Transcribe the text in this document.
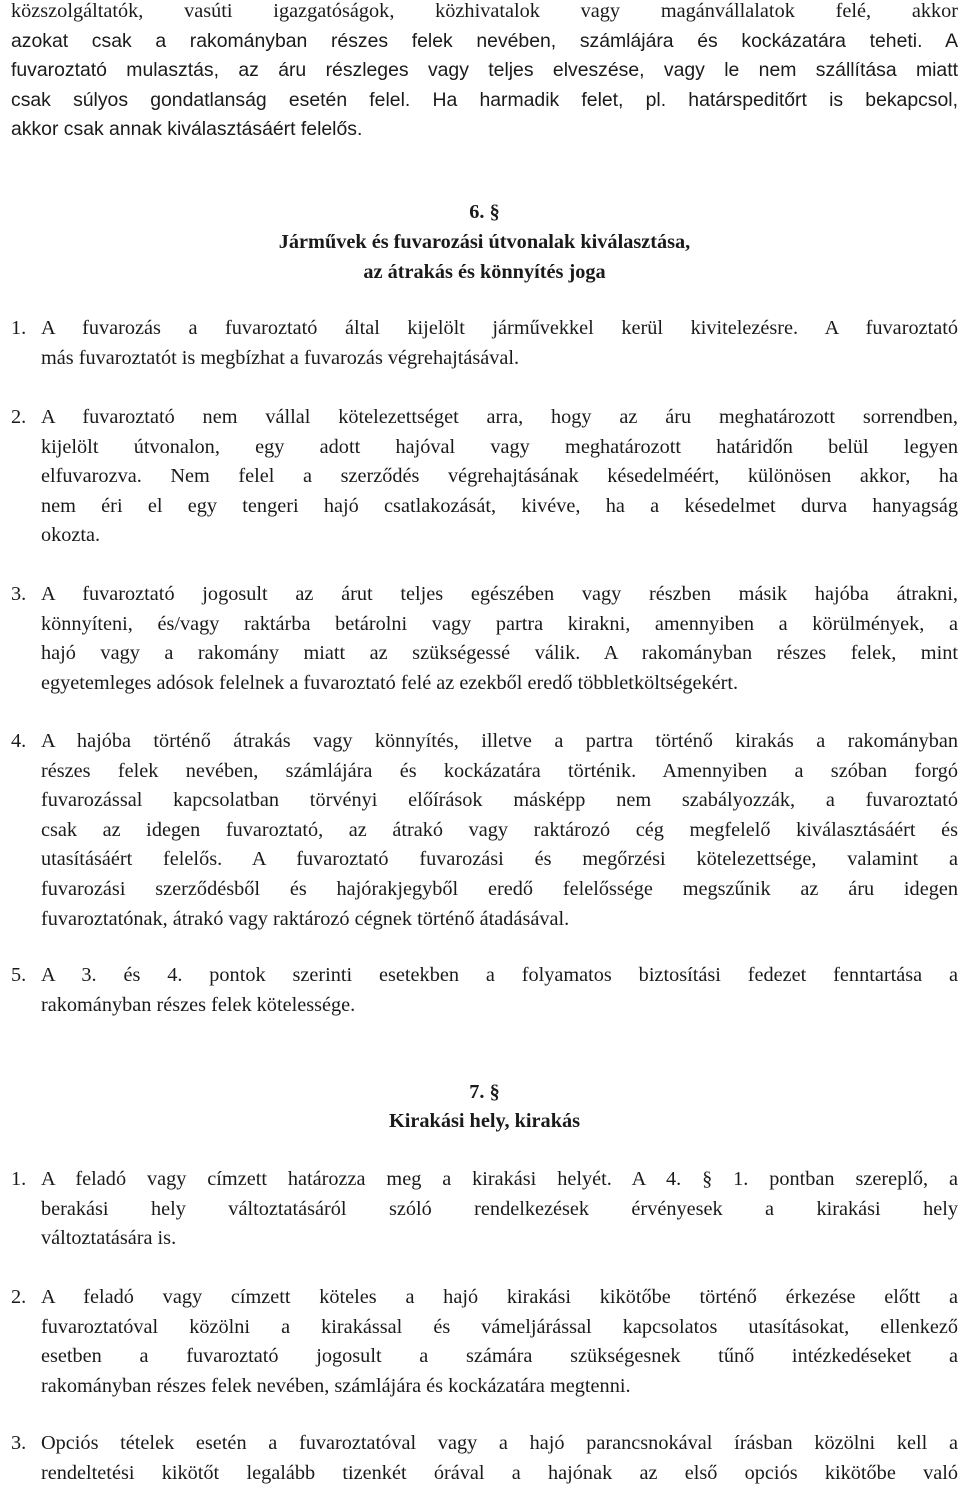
közszolgáltatók, vasúti igazgatóságok, közhivatalok vagy magánvállalatok felé, akkor
azokat csak a rakományban részes felek nevében, számlájára és kockázatára teheti. A
fuvaroztató mulasztás, az áru részleges vagy teljes elveszése, vagy le nem szállítása miatt
csak súlyos gondatlanság esetén felel. Ha harmadik felet, pl. határspeditőrt is bekapcsol,
akkor csak annak kiválasztásáért felelős.
6. §
Járművek és fuvarozási útvonalak kiválasztása,
az átrakás és könnyítés joga
1. A fuvarozás a fuvaroztató által kijelölt járművekkel kerül kivitelezésre. A fuvaroztató
más fuvaroztatót is megbízhat a fuvarozás végrehajtásával.
2. A fuvaroztató nem vállal kötelezettséget arra, hogy az áru meghatározott sorrendben,
kijelölt útvonalon, egy adott hajóval vagy meghatározott határidőn belül legyen
elfuvarozva. Nem felel a szerződés végrehajtásának késedelméért, különösen akkor, ha
nem éri el egy tengeri hajó csatlakozását, kivéve, ha a késedelmet durva hanyagság
okozta.
3. A fuvaroztató jogosult az árut teljes egészében vagy részben másik hajóba átrakni,
könnyíteni, és/vagy raktárba betárolni vagy partra kirakni, amennyiben a körülmények, a
hajó vagy a rakomány miatt az szükségessé válik. A rakományban részes felek, mint
egyetemleges adósok felelnek a fuvaroztató felé az ezekből eredő többletköltségekért.
4. A hajóba történő átrakás vagy könnyítés, illetve a partra történő kirakás a rakományban
részes felek nevében, számlájára és kockázatára történik. Amennyiben a szóban forgó
fuvarozással kapcsolatban törvényi előírások másképp nem szabályozzák, a fuvaroztató
csak az idegen fuvaroztató, az átrakó vagy raktározó cég megfelelő kiválasztásáért és
utasításáért felelős. A fuvaroztató fuvarozási és megőrzési kötelezettsége, valamint a
fuvarozási szerződésből és hajórakjegyből eredő felelőssége megszűnik az áru idegen
fuvaroztatónak, átrakó vagy raktározó cégnek történő átadásával.
5. A 3. és 4. pontok szerinti esetekben a folyamatos biztosítási fedezet fenntartása a
rakományban részes felek kötelessége.
7. §
Kirakási hely, kirakás
1. A feladó vagy címzett határozza meg a kirakási helyét. A 4. § 1. pontban szereplő, a
berakási hely változtatásáról szóló rendelkezések érvényesek a kirakási hely
változtatására is.
2. A feladó vagy címzett köteles a hajó kirakási kikötőbe történő érkezése előtt a
fuvaroztatóval közölni a kirakással és vámeljárással kapcsolatos utasításokat, ellenkező
esetben a fuvaroztató jogosult a számára szükségesnek tűnő intézkedéseket a
rakományban részes felek nevében, számlájára és kockázatára megtenni.
3. Opciós tételek esetén a fuvaroztatóval vagy a hajó parancsnokával írásban közölni kell a
rendeltetési kikötőt legalább tizenkét órával a hajónak az első opciós kikötőbe való
